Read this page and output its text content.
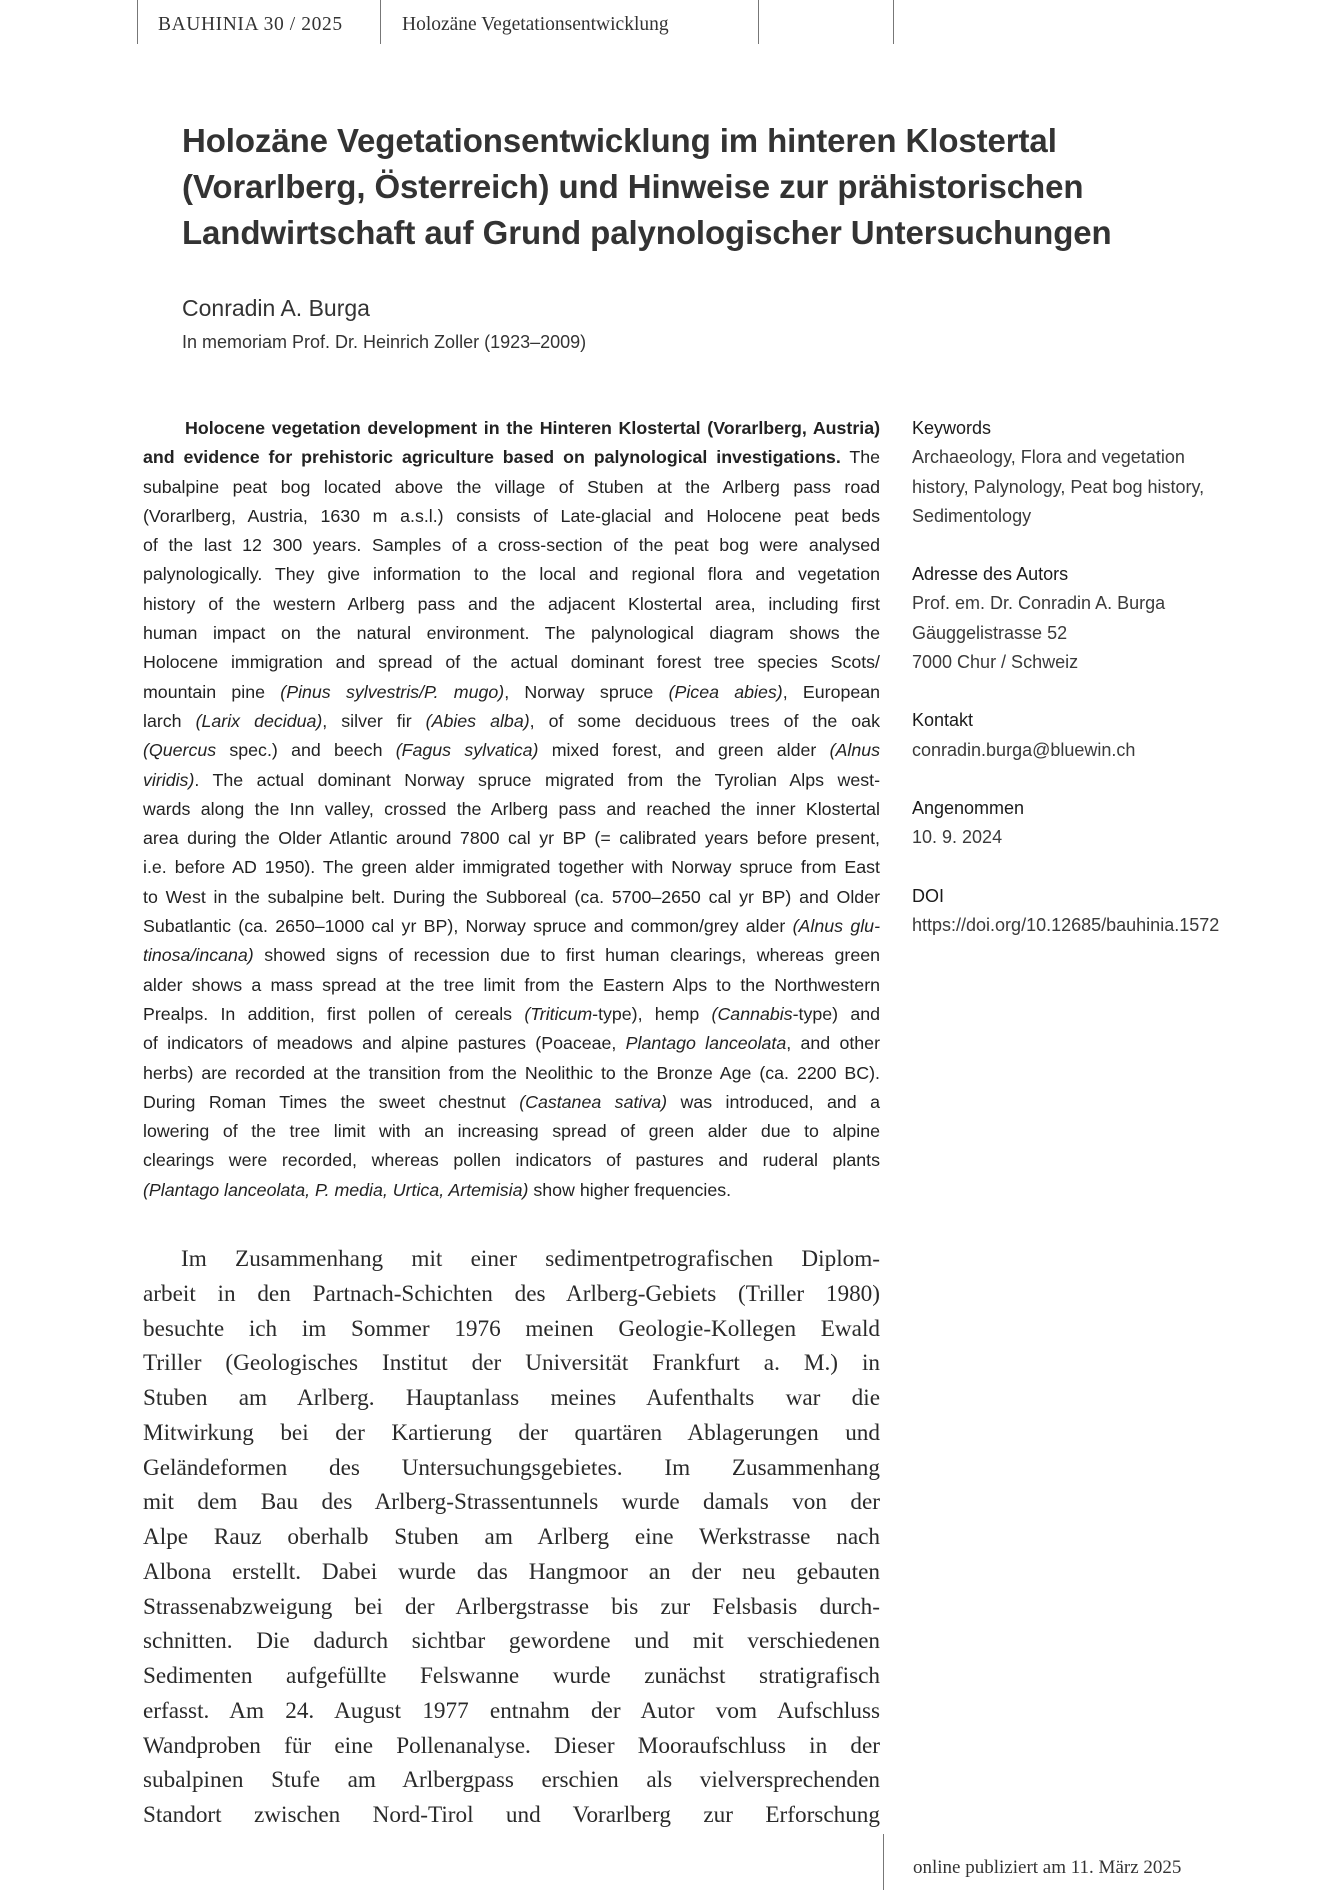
BAUHINIA 30 / 2025	Holozäne Vegetationsentwicklung
Holozäne Vegetationsentwicklung im hinteren Klostertal
(Vorarlberg, Österreich) und Hinweise zur prähistorischen
Landwirtschaft auf Grund palynologischer Untersuchungen
Conradin A. Burga
In memoriam Prof. Dr. Heinrich Zoller (1923–2009)
Holocene vegetation development in the Hinteren Klostertal (Vorarlberg, Austria)
and evidence for prehistoric agriculture based on palynological investigations. The
subalpine peat bog located above the village of Stuben at the Arlberg pass road
(Vorarlberg, Austria, 1630 m a.s.l.) consists of Late-glacial and Holocene peat beds
of the last 12 300 years. Samples of a cross-section of the peat bog were analysed
palynologically. They give information to the local and regional flora and vegetation
history of the western Arlberg pass and the adjacent Klostertal area, including first
human impact on the natural environment. The palynological diagram shows the
Holocene immigration and spread of the actual dominant forest tree species Scots/
mountain pine (Pinus sylvestris/P. mugo), Norway spruce (Picea abies), European
larch (Larix decidua), silver fir (Abies alba), of some deciduous trees of the oak
(Quercus spec.) and beech (Fagus sylvatica) mixed forest, and green alder (Alnus
viridis). The actual dominant Norway spruce migrated from the Tyrolian Alps west-
wards along the Inn valley, crossed the Arlberg pass and reached the inner Klostertal
area during the Older Atlantic around 7800 cal yr BP (= calibrated years before present,
i.e. before AD 1950). The green alder immigrated together with Norway spruce from East
to West in the subalpine belt. During the Subboreal (ca. 5700–2650 cal yr BP) and Older
Subatlantic (ca. 2650–1000 cal yr BP), Norway spruce and common/grey alder (Alnus glu-
tinosa/incana) showed signs of recession due to first human clearings, whereas green
alder shows a mass spread at the tree limit from the Eastern Alps to the Northwestern
Prealps. In addition, first pollen of cereals (Triticum-type), hemp (Cannabis-type) and
of indicators of meadows and alpine pastures (Poaceae, Plantago lanceolata, and other
herbs) are recorded at the transition from the Neolithic to the Bronze Age (ca. 2200 BC).
During Roman Times the sweet chestnut (Castanea sativa) was introduced, and a
lowering of the tree limit with an increasing spread of green alder due to alpine
clearings were recorded, whereas pollen indicators of pastures and ruderal plants
(Plantago lanceolata, P. media, Urtica, Artemisia) show higher frequencies.
Keywords
Archaeology, Flora and vegetation
history, Palynology, Peat bog history,
Sedimentology
Adresse des Autors
Prof. em. Dr. Conradin A. Burga
Gäuggelistrasse 52
7000 Chur / Schweiz
Kontakt
conradin.burga@bluewin.ch
Angenommen
10. 9. 2024
DOI
https://doi.org/10.12685/bauhinia.1572
Im Zusammenhang mit einer sedimentpetrografischen Diplom-
arbeit in den Partnach-Schichten des Arlberg-Gebiets (Triller 1980)
besuchte ich im Sommer 1976 meinen Geologie-Kollegen Ewald
Triller (Geologisches Institut der Universität Frankfurt a. M.) in
Stuben am Arlberg. Hauptanlass meines Aufenthalts war die
Mitwirkung bei der Kartierung der quartären Ablagerungen und
Geländeformen des Untersuchungsgebietes. Im Zusammenhang
mit dem Bau des Arlberg-Strassentunnels wurde damals von der
Alpe Rauz oberhalb Stuben am Arlberg eine Werkstrasse nach
Albona erstellt. Dabei wurde das Hangmoor an der neu gebauten
Strassenabzweigung bei der Arlbergstrasse bis zur Felsbasis durch-
schnitten. Die dadurch sichtbar gewordene und mit verschiedenen
Sedimenten aufgefüllte Felswanne wurde zunächst stratigrafisch
erfasst. Am 24. August 1977 entnahm der Autor vom Aufschluss
Wandproben für eine Pollenanalyse. Dieser Mooraufschluss in der
subalpinen Stufe am Arlbergpass erschien als vielversprechenden
Standort zwischen Nord-Tirol und Vorarlberg zur Erforschung
online publiziert am 11. März 2025
